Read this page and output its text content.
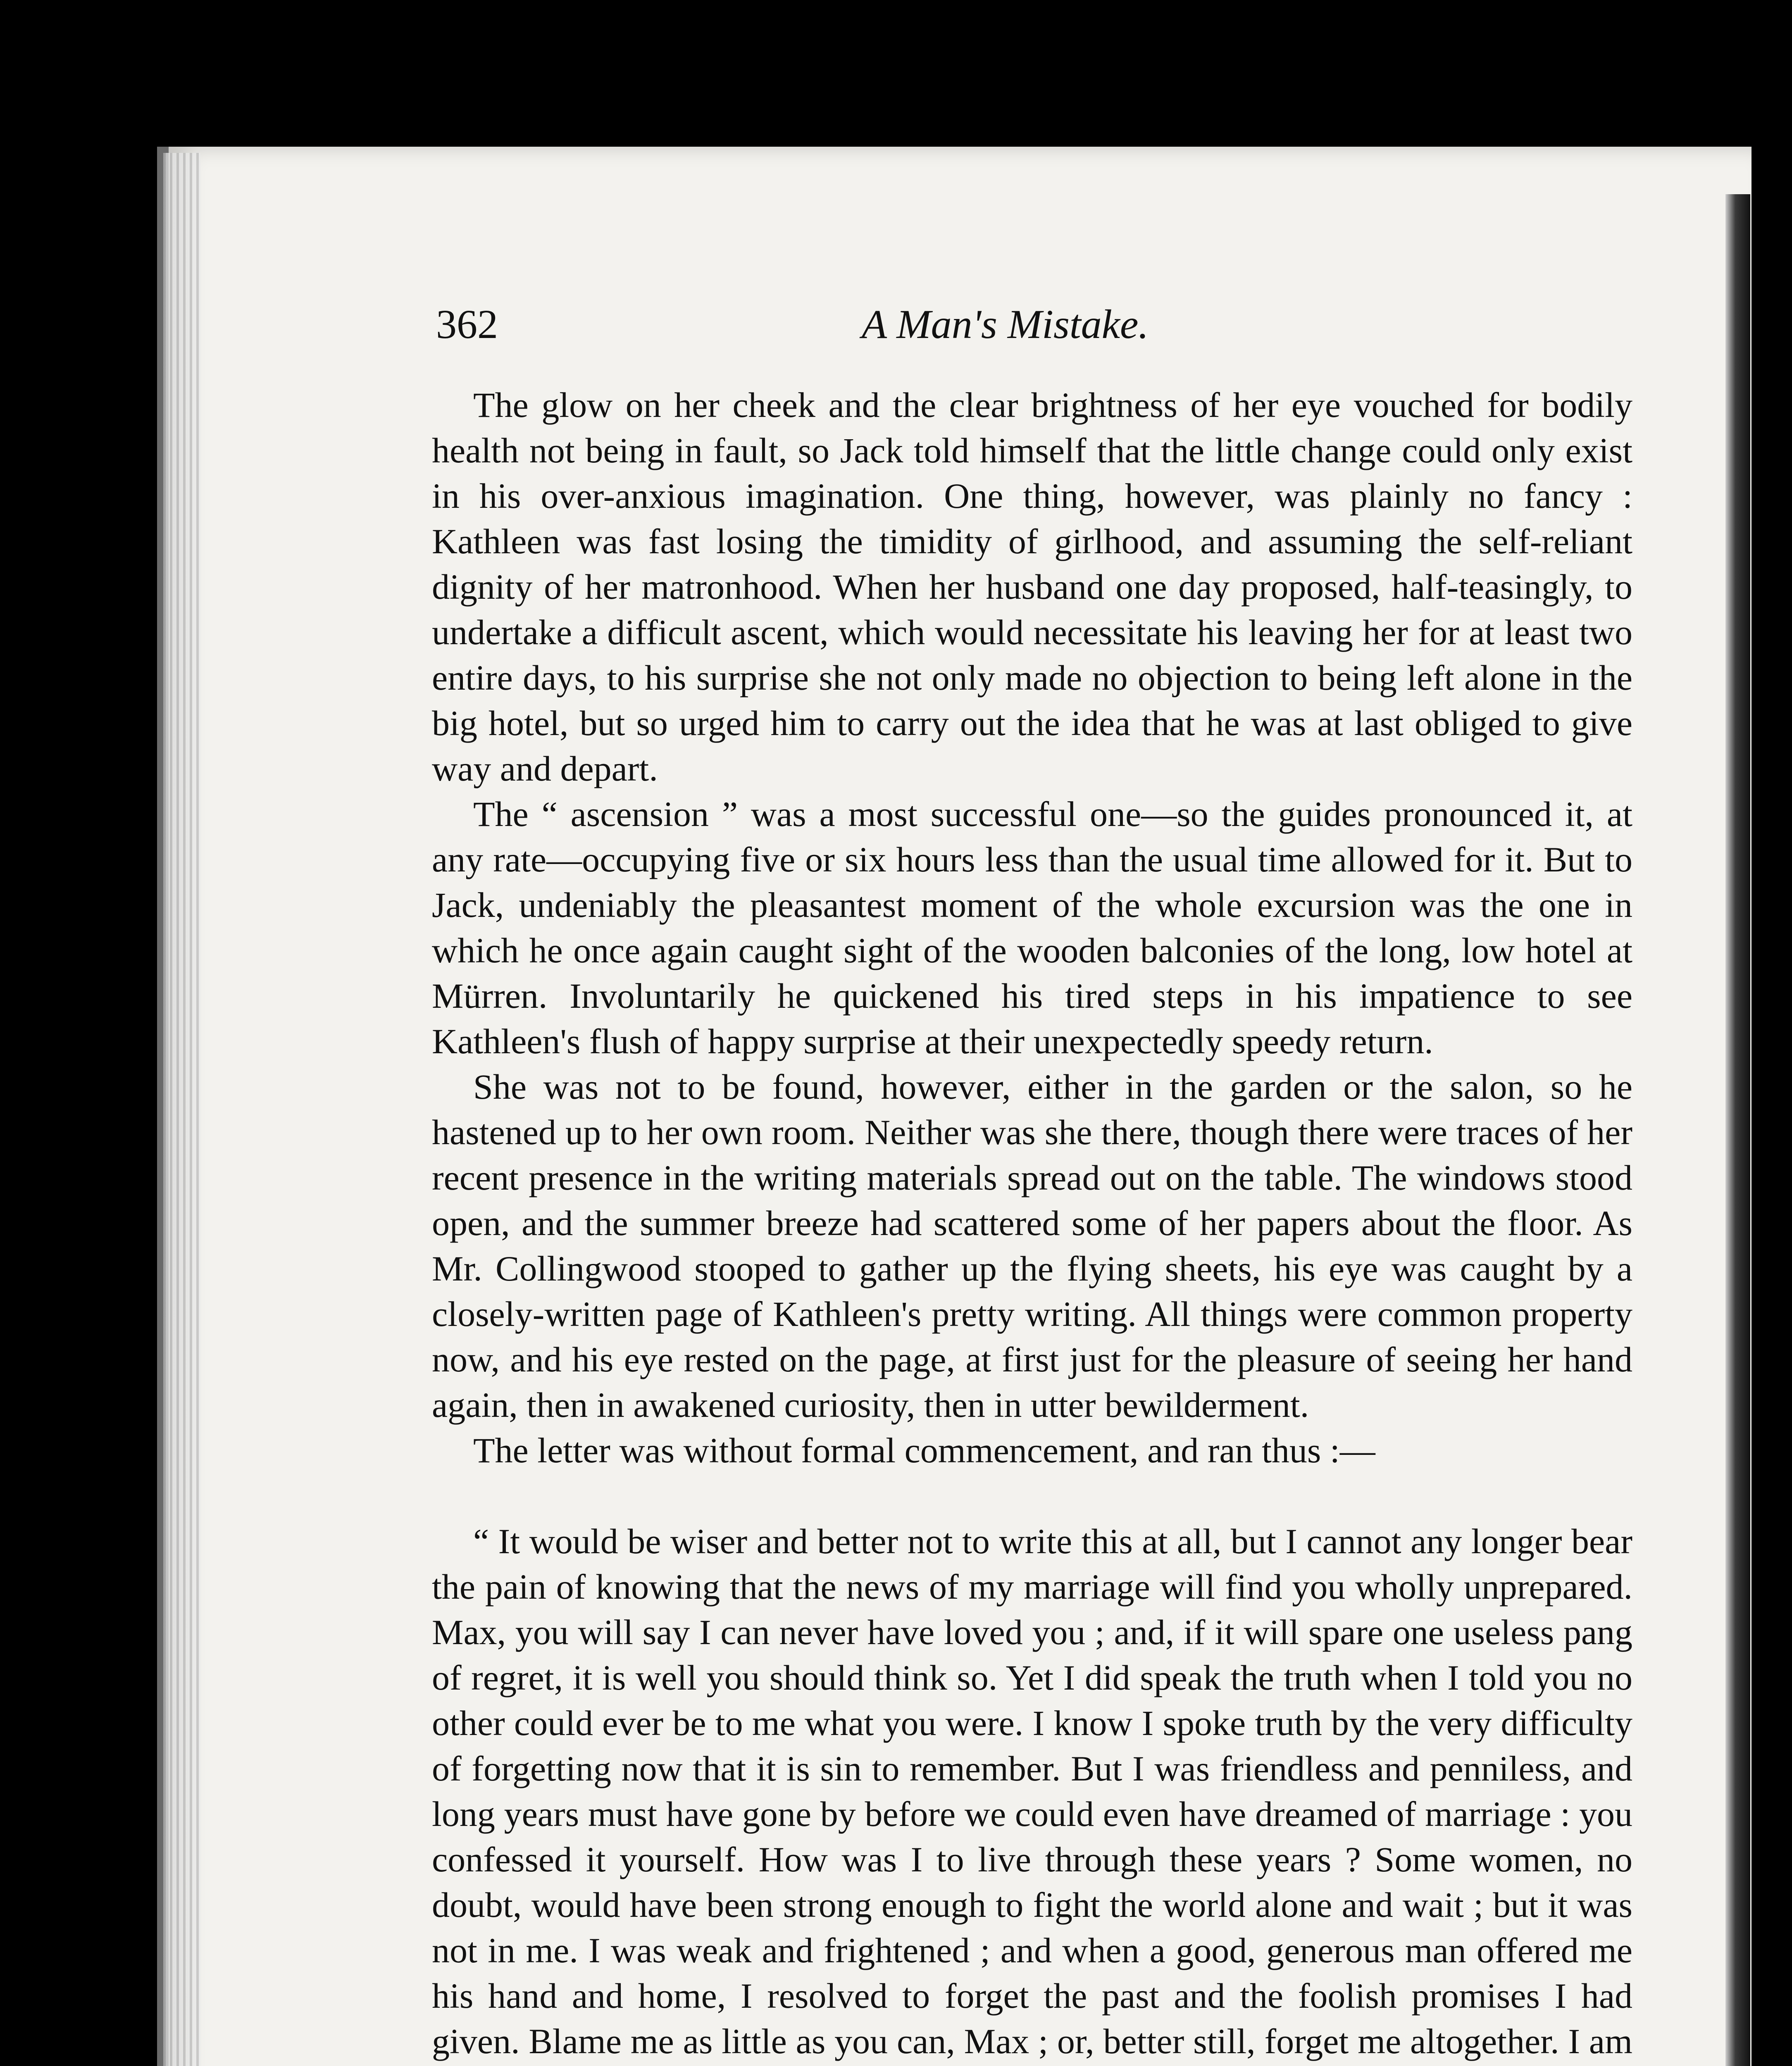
362	A Man's Mistake.

The glow on her cheek and the clear brightness of her eye vouched for bodily health not being in fault, so Jack told himself that the little change could only exist in his over-anxious imagination. One thing, however, was plainly no fancy : Kathleen was fast losing the timidity of girlhood, and assuming the self-reliant dignity of her matronhood. When her husband one day proposed, half-teasingly, to undertake a difficult ascent, which would necessitate his leaving her for at least two entire days, to his surprise she not only made no objection to being left alone in the big hotel, but so urged him to carry out the idea that he was at last obliged to give way and depart.

The “ ascension ” was a most successful one—so the guides pronounced it, at any rate—occupying five or six hours less than the usual time allowed for it. But to Jack, undeniably the pleasantest moment of the whole excursion was the one in which he once again caught sight of the wooden balconies of the long, low hotel at Mürren. Involuntarily he quickened his tired steps in his impatience to see Kathleen's flush of happy surprise at their unexpectedly speedy return.

She was not to be found, however, either in the garden or the salon, so he hastened up to her own room. Neither was she there, though there were traces of her recent presence in the writing materials spread out on the table. The windows stood open, and the summer breeze had scattered some of her papers about the floor. As Mr. Collingwood stooped to gather up the flying sheets, his eye was caught by a closely-written page of Kathleen's pretty writing. All things were common property now, and his eye rested on the page, at first just for the pleasure of seeing her hand again, then in awakened curiosity, then in utter bewilderment.

The letter was without formal commencement, and ran thus :—

“ It would be wiser and better not to write this at all, but I cannot any longer bear the pain of knowing that the news of my marriage will find you wholly unprepared. Max, you will say I can never have loved you ; and, if it will spare one useless pang of regret, it is well you should think so. Yet I did speak the truth when I told you no other could ever be to me what you were. I know I spoke truth by the very difficulty of forgetting now that it is sin to remember. But I was friendless and penniless, and long years must have gone by before we could even have dreamed of marriage : you confessed it yourself. How was I to live through these years ? Some women, no doubt, would have been strong enough to fight the world alone and wait ; but it was not in me. I was weak and frightened ; and when a good, generous man offered me his hand and home, I resolved to forget the past and the foolish promises I had given. Blame me as little as you can, Max ; or, better still, forget me altogether. I am
